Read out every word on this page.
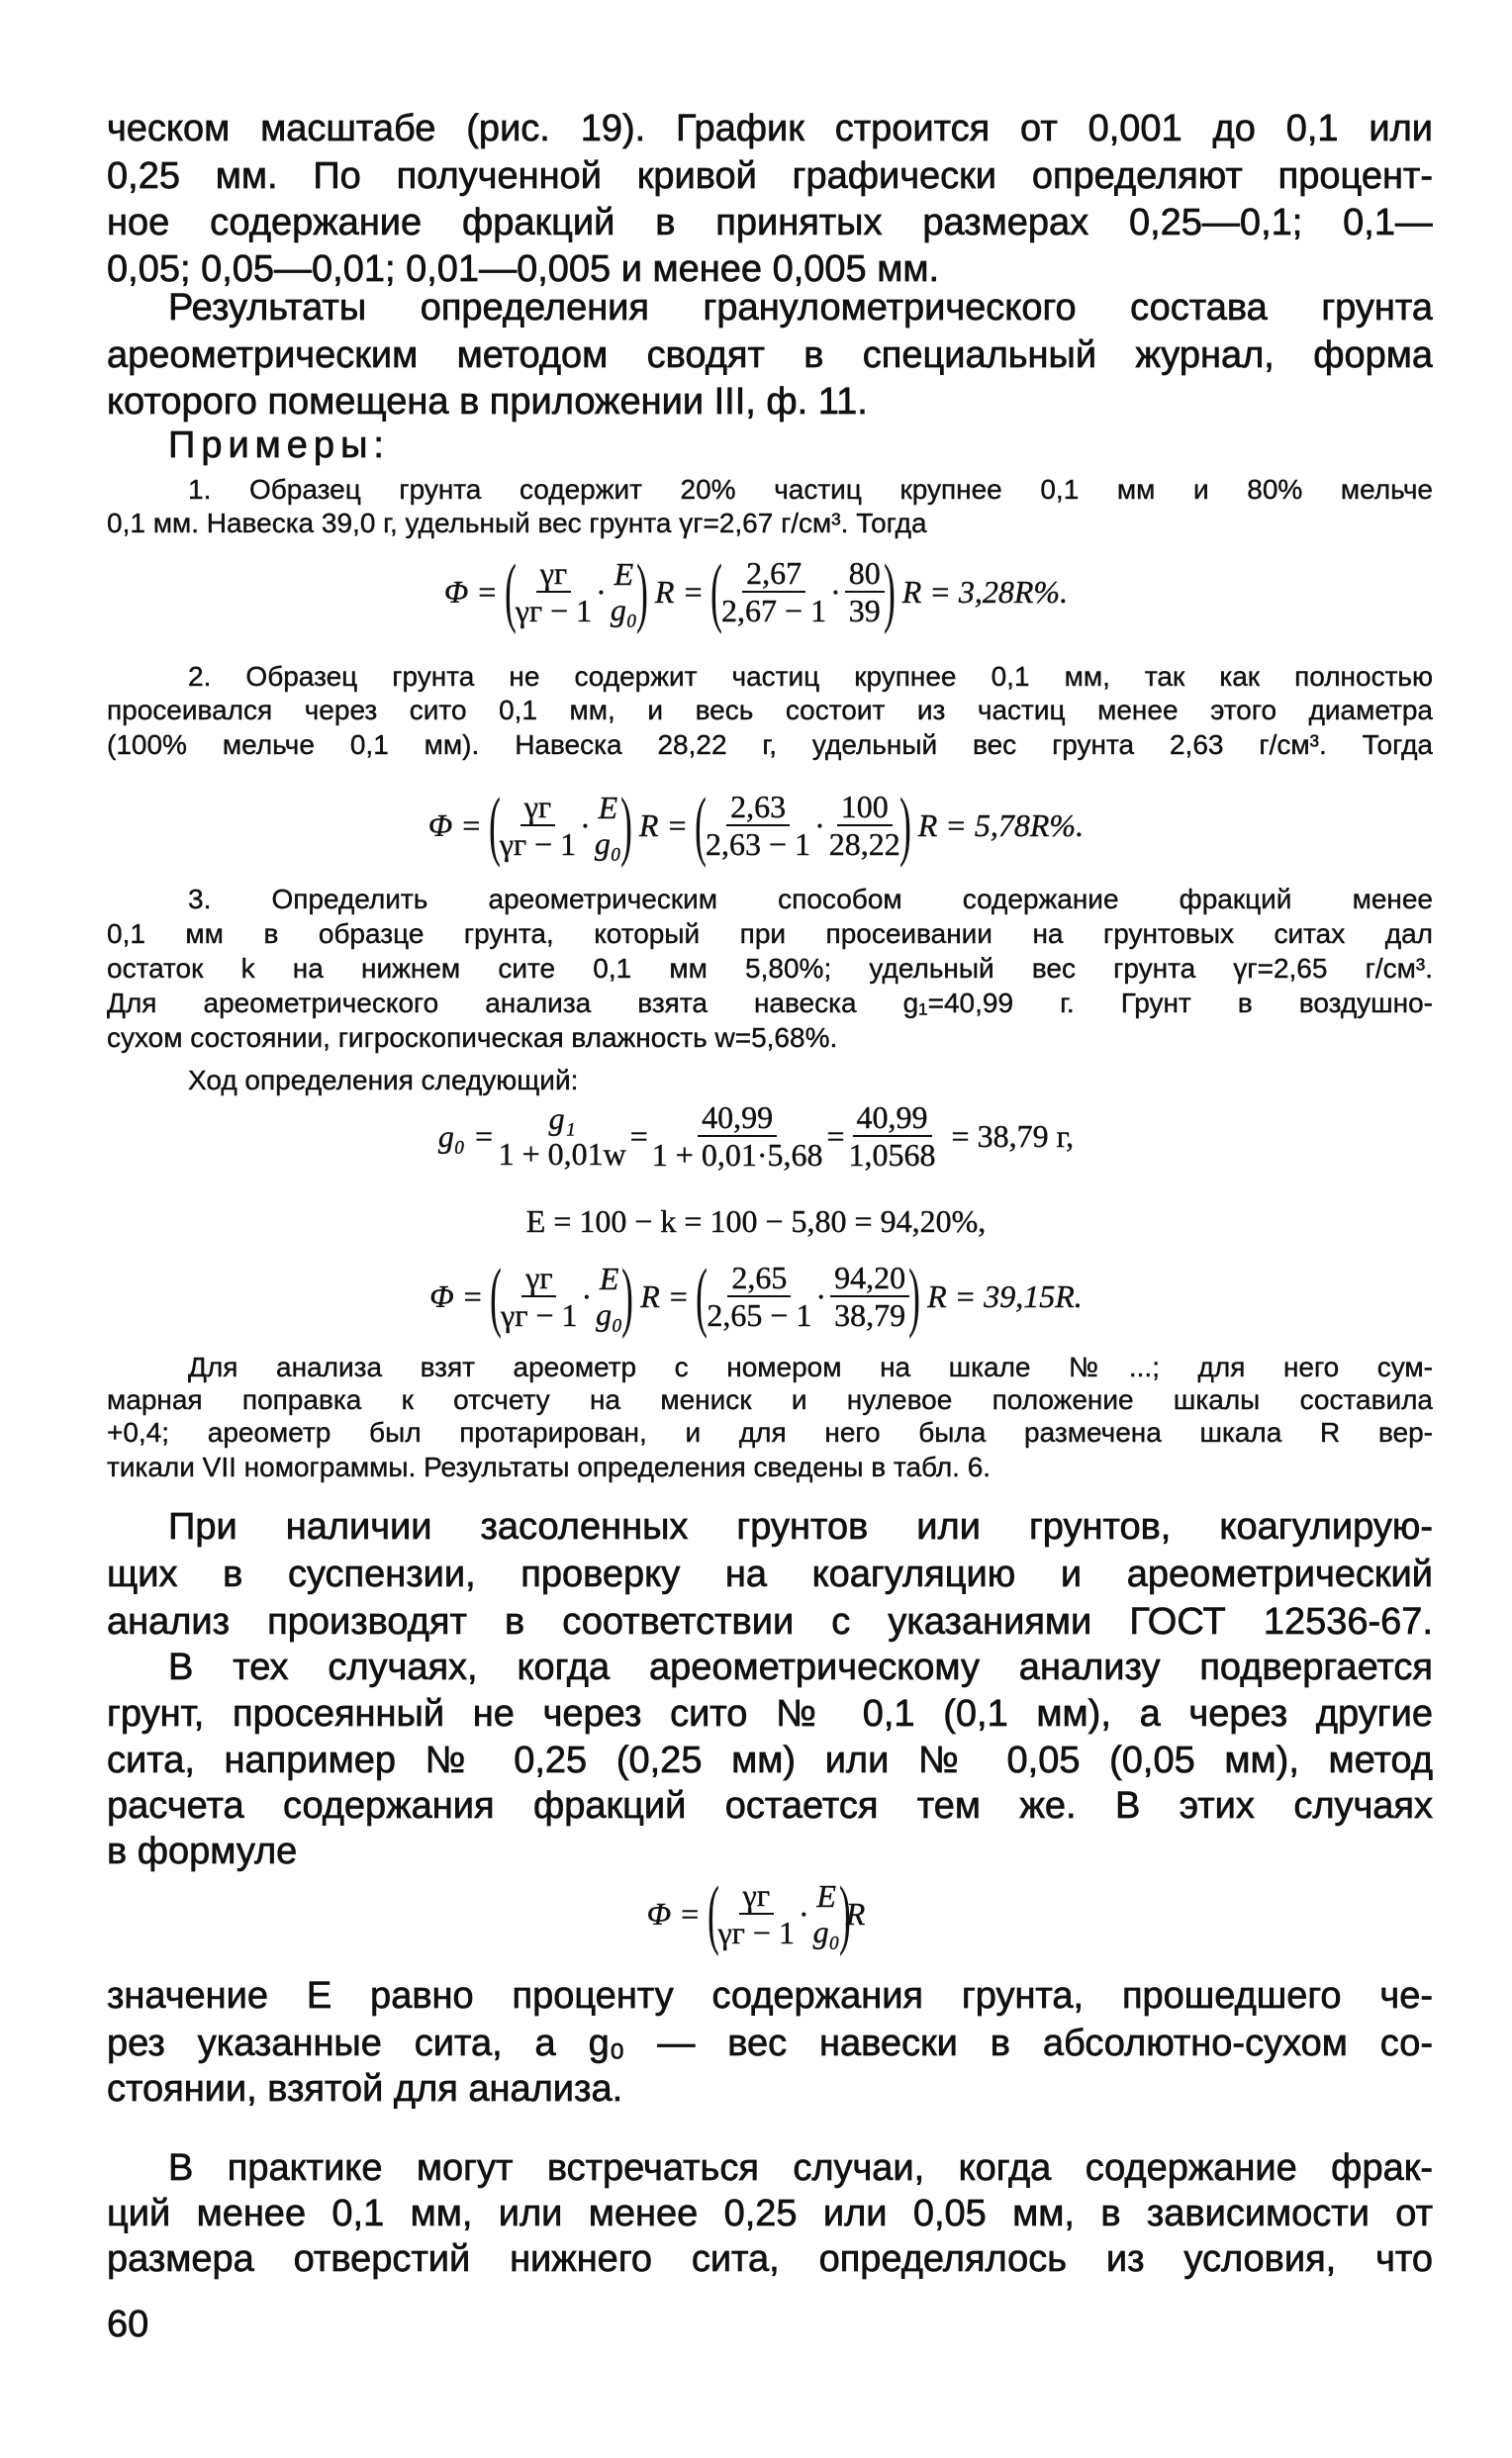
ческом масштабе (рис. 19). График строится от 0,001 до 0,1 или
0,25 мм. По полученной кривой графически определяют процент-
ное содержание фракций в принятых размерах 0,25—0,1; 0,1—
0,05; 0,05—0,01; 0,01—0,005 и менее 0,005 мм.
Результаты определения гранулометрического состава грунта
ареометрическим методом сводят в специальный журнал, форма
которого помещена в приложении III, ф. 11.
Примеры:
1. Образец грунта содержит 20% частиц крупнее 0,1 мм и 80% мельче
0,1 мм. Навеска 39,0 г, удельный вес грунта γг=2,67 г/см³. Тогда
Φ = ( $\frac{\gamma г}{\gamma г - 1} \cdot E$
g₀ ) R = ( $\frac{2,67}{2,67 - 1} \cdot \frac{80}{39}$ ) R = 3,28R%.
2. Образец грунта не содержит частиц крупнее 0,1 мм, так как полностью
просеивался через сито 0,1 мм, и весь состоит из частиц менее этого диаметра
(100% мельче 0,1 мм). Навеска 28,22 г, удельный вес грунта 2,63 г/см³. Тогда
Φ = ( $\frac{\gamma г}{\gamma г - 1} \cdot E$
g₀ ) R = ( $\frac{2,63}{2,63 - 1} \cdot \frac{100}{28,22}$ ) R = 5,78R%.
3. Определить ареометрическим способом содержание фракций менее
0,1 мм в образце грунта, который при просеивании на грунтовых ситах дал
остаток k на нижнем сите 0,1 мм 5,80%; удельный вес грунта γг=2,65 г/см³.
Для ареометрического анализа взята навеска g₁=40,99 г. Грунт в воздушно-
сухом состоянии, гигроскопическая влажность w=5,68%.
Ход определения следующий:
g₀ = g₁
1 + 0,01w
= $\frac{40,99}{1 + 0,01\cdot 5,68} = \frac{40,99}{1,0568} = 38,79$ г,
E = 100 − k = 100 − 5,80 = 94,20%,
Φ = ( $\frac{\gamma г}{\gamma г - 1} \cdot E$
g₀ ) R = ( $\frac{2,65}{2,65 - 1} \cdot \frac{94,20}{38,79}$ ) R = 39,15R.
Для анализа взят ареометр с номером на шкале №...; для него сум-
марная поправка к отсчету на мениск и нулевое положение шкалы составила
+0,4; ареометр был протарирован, и для него была размечена шкала R вер-
тикали VII номограммы. Результаты определения сведены в табл. 6.
При наличии засоленных грунтов или грунтов, коагулирую-
щих в суспензии, проверку на коагуляцию и ареометрический
анализ производят в соответствии с указаниями ГОСТ 12536-67.
В тех случаях, когда ареометрическому анализу подвергается
грунт, просеянный не через сито № 0,1 (0,1 мм), а через другие
сита, например № 0,25 (0,25 мм) или № 0,05 (0,05 мм), метод
расчета содержания фракций остается тем же. В этих случаях
в формуле
Φ = ( $\frac{\gamma г}{\gamma г - 1} \cdot E$
g₀ )
R
значение E равно проценту содержания грунта, прошедшего че-
рез указанные сита, а g₀ — вес навески в абсолютно-сухом со-
стоянии, взятой для анализа.
В практике могут встречаться случаи, когда содержание фрак-
ций менее 0,1 мм, или менее 0,25 или 0,05 мм, в зависимости от
размера отверстий нижнего сита, определялось из условия, что
60
